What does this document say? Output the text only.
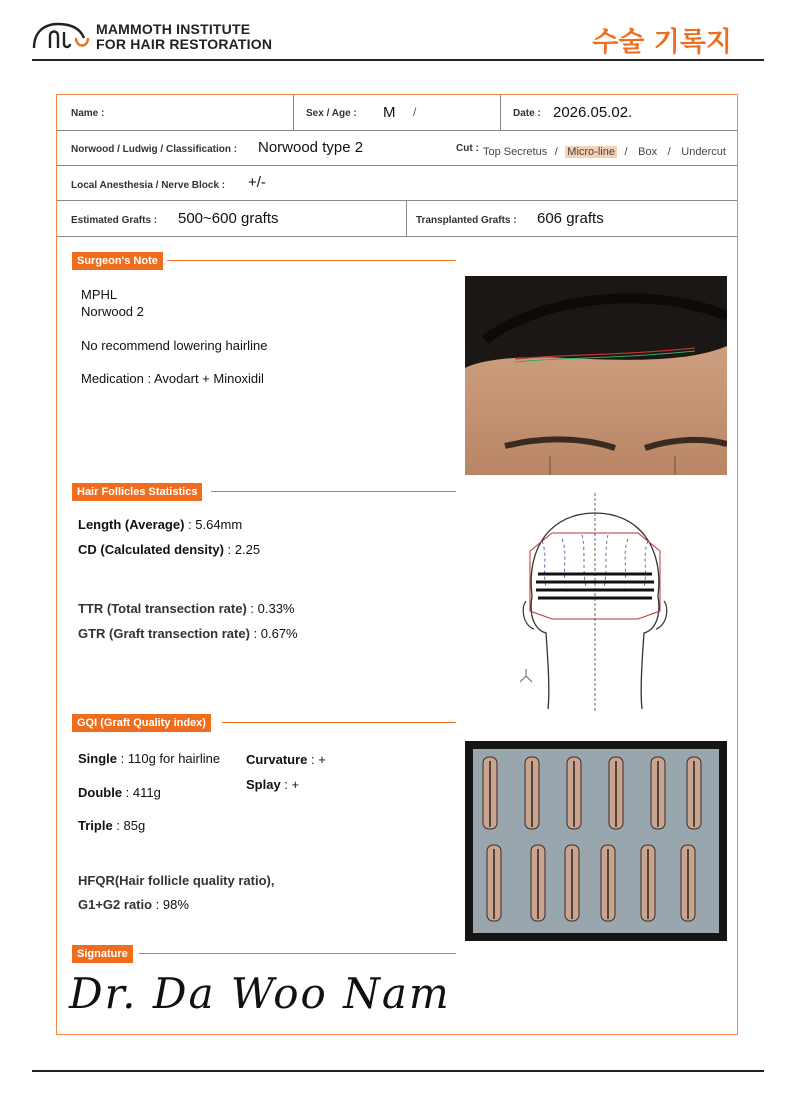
MAMMOTH INSTITUTE
FOR HAIR RESTORATION	수술 기록지
Name :	Sex / Age : M /	Date : 2026.05.02.
Norwood / Ludwig / Classification : Norwood type 2	Cut : Top Secretus  /  Micro-line  /   Box   /   Undercut
Local Anesthesia / Nerve Block : +/-
Estimated Grafts : 500~600 grafts	Transplanted Grafts : 606 grafts
Surgeon's Note
MPHL
Norwood 2
No recommend lowering hairline
Medication : Avodart + Minoxidil
Hair Follicles Statistics
Length (Average) : 5.64mm
CD (Calculated density) : 2.25
TTR (Total transection rate) : 0.33%
GTR (Graft transection rate) : 0.67%
GQI (Graft Quality index)
Single : 110g for hairline Curvature : +
Splay : +
Double : 411g
Triple : 85g
HFQR(Hair follicle quality ratio),
G1+G2 ratio : 98%
Signature
Dr. Da Woo Nam
